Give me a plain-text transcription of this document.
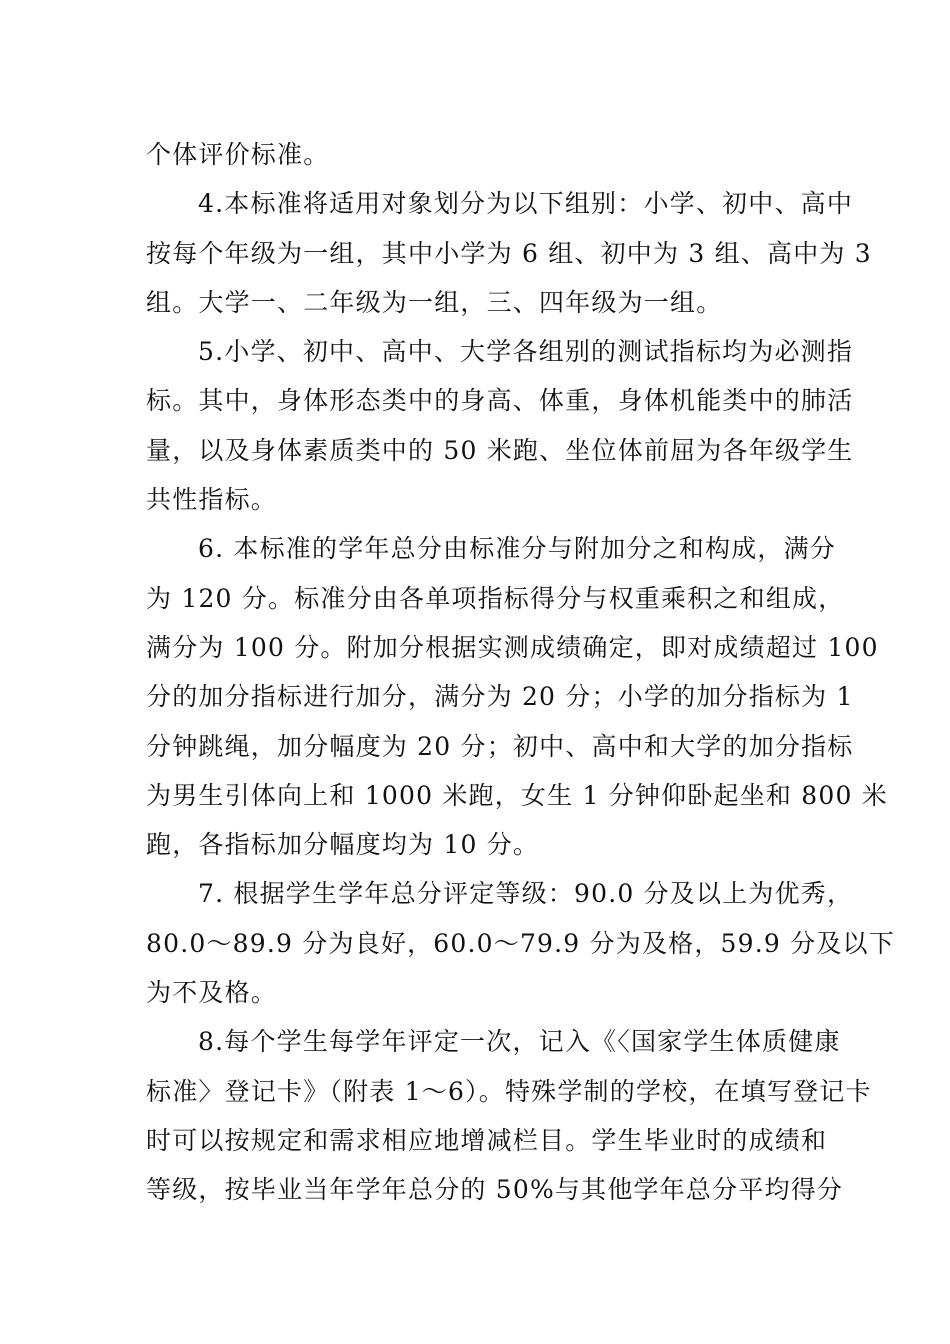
个体评价标准。
4.本标准将适用对象划分为以下组别：小学、初中、高中
按每个年级为一组，其中小学为 6 组、初中为 3 组、高中为 3
组。大学一、二年级为一组，三、四年级为一组。
5.小学、初中、高中、大学各组别的测试指标均为必测指
标。其中，身体形态类中的身高、体重，身体机能类中的肺活
量，以及身体素质类中的 50 米跑、坐位体前屈为各年级学生
共性指标。
6. 本标准的学年总分由标准分与附加分之和构成，满分
为 120 分。标准分由各单项指标得分与权重乘积之和组成，
满分为 100 分。附加分根据实测成绩确定，即对成绩超过 100
分的加分指标进行加分，满分为 20 分；小学的加分指标为 1
分钟跳绳，加分幅度为 20 分；初中、高中和大学的加分指标
为男生引体向上和 1000 米跑，女生 1 分钟仰卧起坐和 800 米
跑，各指标加分幅度均为 10 分。
7. 根据学生学年总分评定等级：90.0 分及以上为优秀，
80.0～89.9 分为良好，60.0～79.9 分为及格，59.9 分及以下
为不及格。
8.每个学生每学年评定一次，记入《〈国家学生体质健康
标准〉登记卡》（附表 1～6）。特殊学制的学校，在填写登记卡
时可以按规定和需求相应地增减栏目。学生毕业时的成绩和
等级，按毕业当年学年总分的 50%与其他学年总分平均得分
